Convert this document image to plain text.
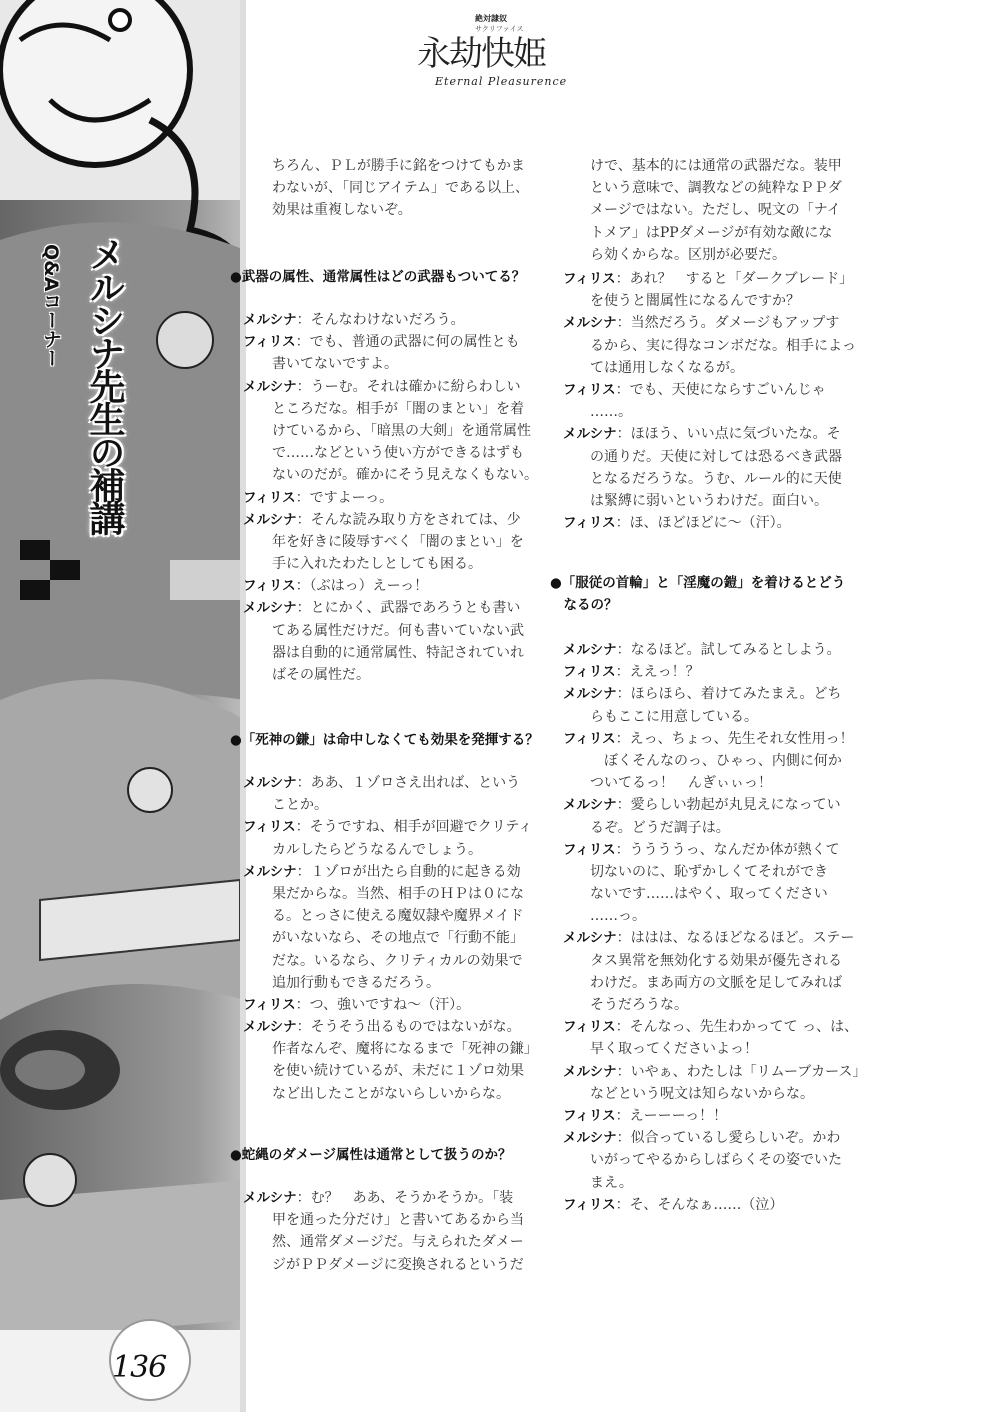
Q&Aコーナー メルシナ先生の補講
136
絶対隷奴
サクリファイス
永劫快姫
Eternal Pleasurence
ちろん、ＰＬが勝手に銘をつけてもかま
わないが、「同じアイテム」である以上、
効果は重複しないぞ。
●武器の属性、通常属性はどの武器もついてる？
メルシナ：そんなわけないだろう。
フィリス：でも、普通の武器に何の属性とも
書いてないですよ。
メルシナ：うーむ。それは確かに紛らわしい
ところだな。相手が「闇のまとい」を着
けているから、「暗黒の大剣」を通常属性
で……などという使い方ができるはずも
ないのだが。確かにそう見えなくもない。
フィリス：ですよーっ。
メルシナ：そんな読み取り方をされては、少
年を好きに陵辱すべく「闇のまとい」を
手に入れたわたしとしても困る。
フィリス：（ぶはっ）えーっ！
メルシナ：とにかく、武器であろうとも書い
てある属性だけだ。何も書いていない武
器は自動的に通常属性、特記されていれ
ばその属性だ。
●「死神の鎌」は命中しなくても効果を発揮する？
メルシナ：ああ、１ゾロさえ出れば、という
ことか。
フィリス：そうですね、相手が回避でクリティ
カルしたらどうなるんでしょう。
メルシナ：１ゾロが出たら自動的に起きる効
果だからな。当然、相手のＨＰは０にな
る。とっさに使える魔奴隷や魔界メイド
がいないなら、その地点で「行動不能」
だな。いるなら、クリティカルの効果で
追加行動もできるだろう。
フィリス：つ、強いですね～（汗）。
メルシナ：そうそう出るものではないがな。
作者なんぞ、魔将になるまで「死神の鎌」
を使い続けているが、未だに１ゾロ効果
など出したことがないらしいからな。
●蛇縄のダメージ属性は通常として扱うのか？
メルシナ：む？　ああ、そうかそうか。「装
甲を通った分だけ」と書いてあるから当
然、通常ダメージだ。与えられたダメー
ジがＰＰダメージに変換されるというだ
けで、基本的には通常の武器だな。装甲
という意味で、調教などの純粋なＰＰダ
メージではない。ただし、呪文の「ナイ
トメア」はPPダメージが有効な敵にな
ら効くからな。区別が必要だ。
フィリス：あれ？　すると「ダークブレード」
を使うと闇属性になるんですか？
メルシナ：当然だろう。ダメージもアップす
るから、実に得なコンボだな。相手によっ
ては通用しなくなるが。
フィリス：でも、天使にならすごいんじゃ
……。
メルシナ：ほほう、いい点に気づいたな。そ
の通りだ。天使に対しては恐るべき武器
となるだろうな。うむ、ルール的に天使
は緊縛に弱いというわけだ。面白い。
フィリス：ほ、ほどほどに～（汗）。
●「服従の首輪」と「淫魔の鎧」を着けるとどう
　なるの？
メルシナ：なるほど。試してみるとしよう。
フィリス：ええっ！？
メルシナ：ほらほら、着けてみたまえ。どち
らもここに用意している。
フィリス：えっ、ちょっ、先生それ女性用っ！
　ぼくそんなのっ、ひゃっ、内側に何か
ついてるっ！　んぎぃぃっ！
メルシナ：愛らしい勃起が丸見えになってい
るぞ。どうだ調子は。
フィリス：ううううっ、なんだか体が熱くて
切ないのに、恥ずかしくてそれができ
ないです……はやく、取ってください
……っ。
メルシナ：ははは、なるほどなるほど。ステー
タス異常を無効化する効果が優先される
わけだ。まあ両方の文脈を足してみれば
そうだろうな。
フィリス：そんなっ、先生わかってて っ、は、
早く取ってくださいよっ！
メルシナ：いやぁ、わたしは「リムーブカース」
などという呪文は知らないからな。
フィリス：えーーーっ！！
メルシナ：似合っているし愛らしいぞ。かわ
いがってやるからしばらくその姿でいた
まえ。
フィリス：そ、そんなぁ……（泣）
